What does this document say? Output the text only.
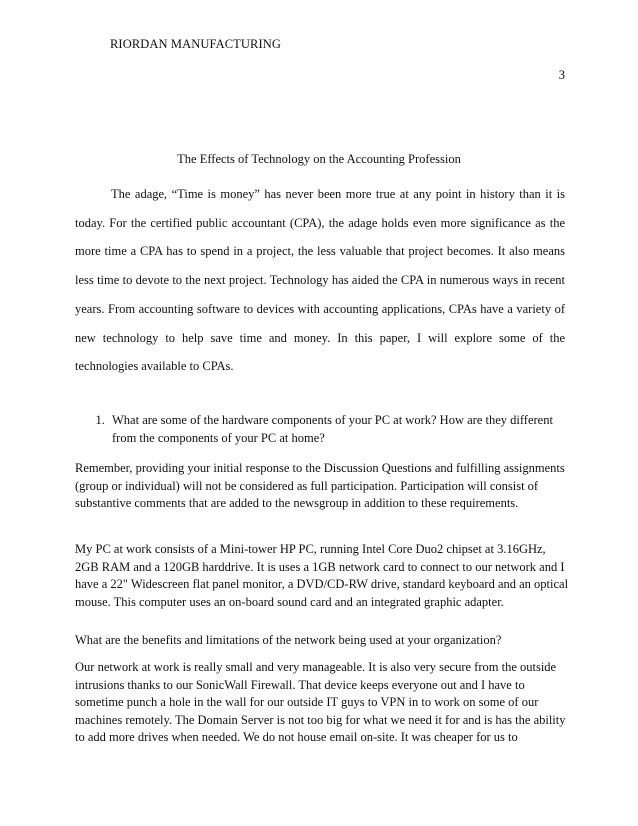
RIORDAN MANUFACTURING
3
The Effects of Technology on the Accounting Profession

The adage, “Time is money” has never been more true at any point in history than it is today. For the certified public accountant (CPA), the adage holds even more significance as the more time a CPA has to spend in a project, the less valuable that project becomes. It also means less time to devote to the next project. Technology has aided the CPA in numerous ways in recent years. From accounting software to devices with accounting applications, CPAs have a variety of new technology to help save time and money. In this paper, I will explore some of the technologies available to CPAs.

1. What are some of the hardware components of your PC at work? How are they different from the components of your PC at home?

Remember, providing your initial response to the Discussion Questions and fulfilling assignments (group or individual) will not be considered as full participation. Participation will consist of substantive comments that are added to the newsgroup in addition to these requirements.

My PC at work consists of a Mini-tower HP PC, running Intel Core Duo2 chipset at 3.16GHz, 2GB RAM and a 120GB harddrive. It is uses a 1GB network card to connect to our network and I have a 22" Widescreen flat panel monitor, a DVD/CD-RW drive, standard keyboard and an optical mouse. This computer uses an on-board sound card and an integrated graphic adapter.

What are the benefits and limitations of the network being used at your organization?

Our network at work is really small and very manageable. It is also very secure from the outside intrusions thanks to our SonicWall Firewall. That device keeps everyone out and I have to sometime punch a hole in the wall for our outside IT guys to VPN in to work on some of our machines remotely. The Domain Server is not too big for what we need it for and is has the ability to add more drives when needed. We do not house email on-site. It was cheaper for us to
